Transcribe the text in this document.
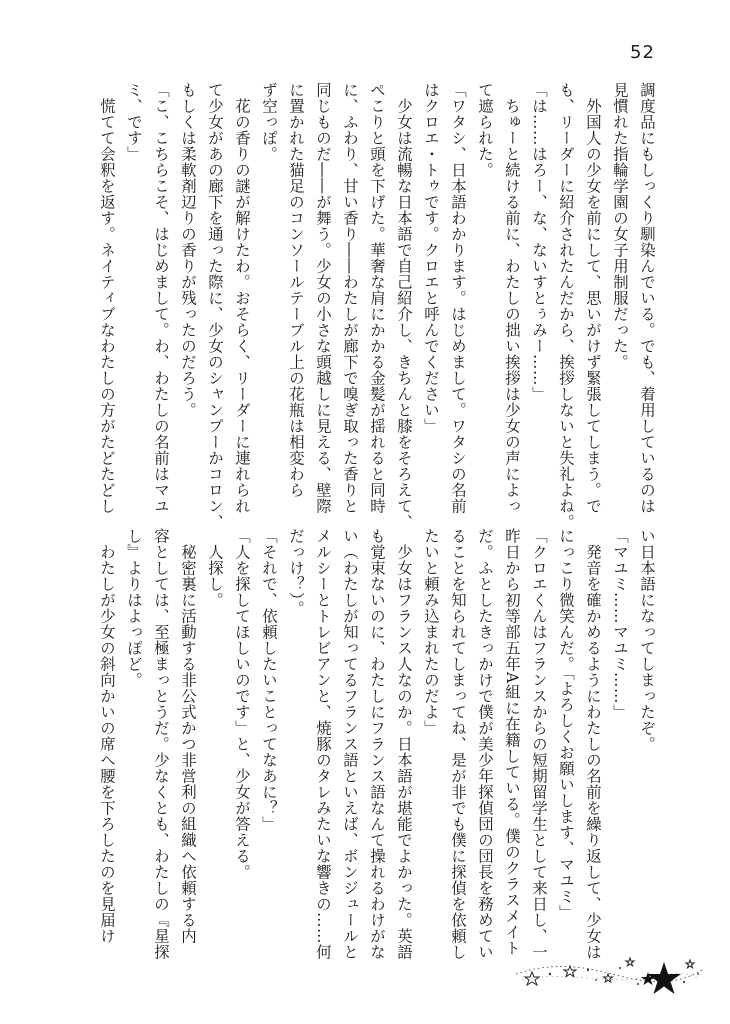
52
調度品にもしっくり馴染んでいる。でも、着用しているのは
見慣れた指輪学園の女子用制服だった。
　外国人の少女を前にして、思いがけず緊張してしまう。で
も、リーダーに紹介されたんだから、挨拶しないと失礼よね。
「は……はろー、な、ないすとぅみー……」
　ちゅーと続ける前に、わたしの拙い挨拶は少女の声によっ
て遮られた。
「ワタシ、日本語わかります。はじめまして。ワタシの名前
はクロエ・トゥです。クロエと呼んでください」
　少女は流暢な日本語で自己紹介し、きちんと膝をそろえて、
ぺこりと頭を下げた。華奢な肩にかかる金髪が揺れると同時
に、ふわり、甘い香り――わたしが廊下で嗅ぎ取った香りと
同じものだ――が舞う。少女の小さな頭越しに見える、壁際
に置かれた猫足のコンソールテーブル上の花瓶は相変わら
ず空っぽ。
　花の香りの謎が解けたわ。おそらく、リーダーに連れられ
て少女があの廊下を通った際に、少女のシャンプーかコロン、
もしくは柔軟剤辺りの香りが残ったのだろう。
「こ、こちらこそ、はじめまして。わ、わたしの名前はマユ
ミ、です」
　慌てて会釈を返す。ネイティブなわたしの方がたどたどし
い日本語になってしまったぞ。
「マユミ……マユミ……」
　発音を確かめるようにわたしの名前を繰り返して、少女は
にっこり微笑んだ。「よろしくお願いします、マユミ」
「クロエくんはフランスからの短期留学生として来日し、一
昨日から初等部五年A組に在籍している。僕のクラスメイト
だ。ふとしたきっかけで僕が美少年探偵団の団長を務めてい
ることを知られてしまってね、是が非でも僕に探偵を依頼し
たいと頼み込まれたのだよ」
　少女はフランス人なのか。日本語が堪能でよかった。英語
も覚束ないのに、わたしにフランス語なんて操れるわけがな
い（わたしが知ってるフランス語といえば、ボンジュールと
メルシーとトレビアンと、焼豚のタレみたいな響きの……何
だっけ？）。
「それで、依頼したいことってなあに？」
「人を探してほしいのです」と、少女が答える。
　人探し。
　秘密裏に活動する非公式かつ非営利の組織へ依頼する内
容としては、至極まっとうだ。少なくとも、わたしの『星探
し』よりはよっぽど。
　わたしが少女の斜向かいの席へ腰を下ろしたのを見届け
